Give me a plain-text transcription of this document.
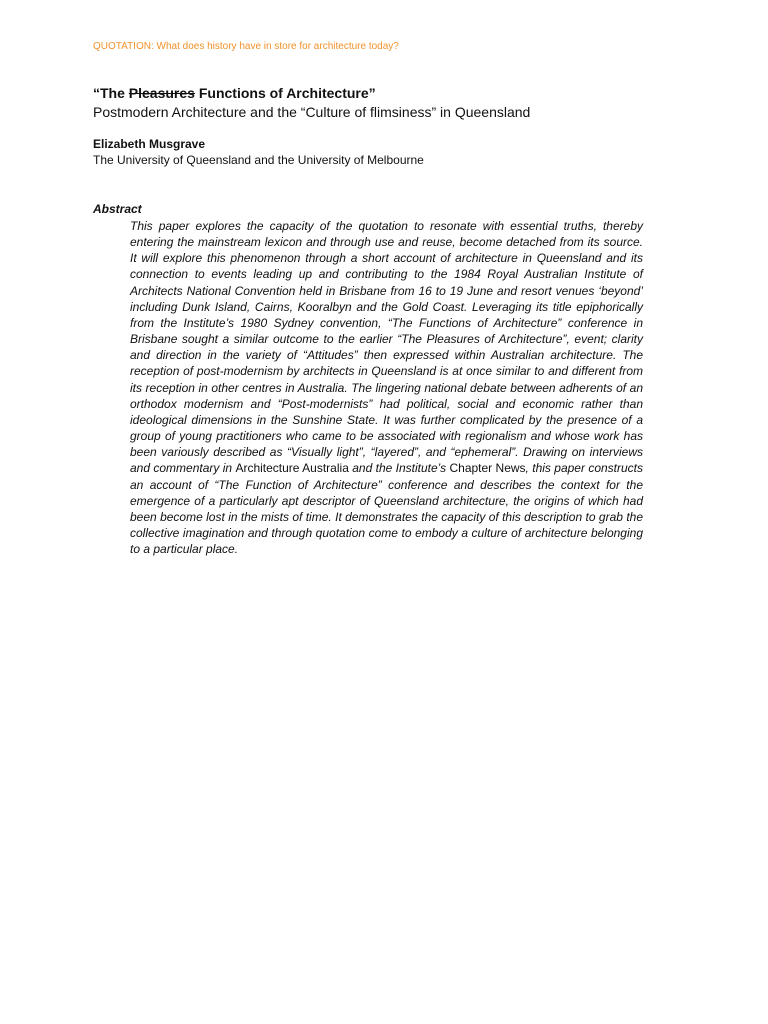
QUOTATION: What does history have in store for architecture today?
“The Pleasures Functions of Architecture”
Postmodern Architecture and the “Culture of flimsiness” in Queensland
Elizabeth Musgrave
The University of Queensland and the University of Melbourne
Abstract
This paper explores the capacity of the quotation to resonate with essential truths, thereby entering the mainstream lexicon and through use and reuse, become detached from its source. It will explore this phenomenon through a short account of architecture in Queensland and its connection to events leading up and contributing to the 1984 Royal Australian Institute of Architects National Convention held in Brisbane from 16 to 19 June and resort venues ‘beyond’ including Dunk Island, Cairns, Kooralbyn and the Gold Coast. Leveraging its title epiphorically from the Institute’s 1980 Sydney convention, “The Functions of Architecture” conference in Brisbane sought a similar outcome to the earlier “The Pleasures of Architecture”, event; clarity and direction in the variety of “Attitudes” then expressed within Australian architecture. The reception of post-modernism by architects in Queensland is at once similar to and different from its reception in other centres in Australia. The lingering national debate between adherents of an orthodox modernism and “Post-modernists” had political, social and economic rather than ideological dimensions in the Sunshine State. It was further complicated by the presence of a group of young practitioners who came to be associated with regionalism and whose work has been variously described as “Visually light”, “layered”, and “ephemeral”. Drawing on interviews and commentary in Architecture Australia and the Institute’s Chapter News, this paper constructs an account of “The Function of Architecture” conference and describes the context for the emergence of a particularly apt descriptor of Queensland architecture, the origins of which had been become lost in the mists of time. It demonstrates the capacity of this description to grab the collective imagination and through quotation come to embody a culture of architecture belonging to a particular place.
